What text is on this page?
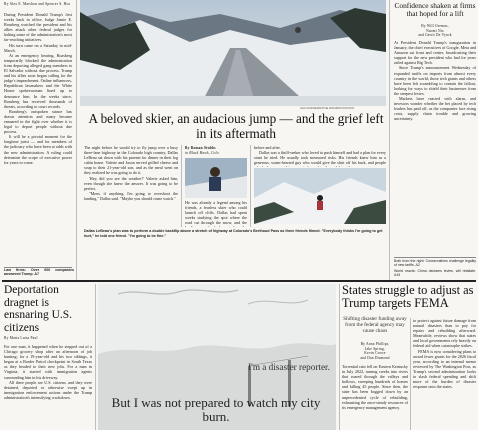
By Alex E. Marshon and Spencer S. Hsu

During President Donald Trump's first weeks back in office, Judge Jamie E. Boasberg watched the president and his allies attack other federal judges for halting some of the administration's most far-reaching initiatives.

His turn came on a Saturday in mid-March.

At an emergency hearing, Boasberg temporarily blocked the administration from deporting alleged gang members to El Salvador without due process. Trump and his allies soon began calling for the judge's impeachment. Online influencers, Republican lawmakers and the White House spokeswoman lined up to denounce him. In the weeks since, Boasberg has received thousands of threats, according to court records.

Boasberg's outspoken stance has drawn attention and many became ensnared in the fight over whether it is legal to deport people without due process.

It will be a pivotal moment for the longtime jurist — and for members of the judiciary who have been at odds with the new administration. A ruling could determine the scope of executive power for years to come.

Law firms: Over 600 companies answered Trump. A7
JAHI CHIKWENDU/THE WASHINGTON POST
A beloved skier, an audacious jump — and the grief left in its aftermath

The night before he would try to fly jump over a busy three-lane highway in the Colorado high country, Dallas LeBeau sat down with his parents for dinner in their log cabin home. Valerie and Jason served grilled cheese and soup to their 21-year-old son, and as the meal went on they realized he was going to do it.

'Hey, did you see the weather?' Valerie asked him, even though she knew the answer. It was going to be perfect.

"Mom, if anything, I'm going to overshoot the landing," Dallas said. "Maybe you should come watch."

By Roman Stubbs
in Black Hawk, Colo.

He was already a legend among his friends, a fearless skier who could launch off cliffs. Dallas had spent weeks studying the spot where the road cut through the snow, and the

before and after.

Dallas was a thrill-seeker who loved to push himself and had a plan for every stunt he tried. He usually took measured risks. His friends knew him as a generous, warm-hearted guy who would give the shirt off his back, and people

Dallas LeBeau's plan was to perform a double backflip above a stretch of highway at Colorado's Berthoud Pass as three friends filmed. "Everybody thinks I'm going to get hurt," he told one friend. "I'm going to be fine."
Confidence shaken at firms that hoped for a lift
By Will Oremus,
Naomi Nix
and Gerrit De Vynck

At President Donald Trump's inauguration in January, the chief executives of Google, Meta and Amazon sat front and center, broadcasting their support for the new president who had for years railed against Big Tech.

Since Trump's announcement Wednesday of expanded tariffs on imports from almost every country in the world, those tech giants and others have been left scrambling to contain the fallout, looking for ways to shield their businesses from the steepest levies.

Markets have reacted with alarm, and investors wonder whether the bet placed by tech leaders has paid off, as the companies face rising costs, supply chain trouble and growing uncertainty.

Both from the right: Conservatives challenge legality of new tariffs. A2
World reacts: China declares levies, will retaliate. A19
Deportation dragnet is ensnaring U.S. citizens
By Maria Luisa Paul

For one man, it happened when he stepped out of a Chicago grocery shop after an afternoon of job hunting; for a 19-year-old and his two siblings, it began at a Border Patrol checkpoint in South Texas as they headed to their new jobs. For a man in Virginia, it started with immigration agents surrounding him in his driveway.

All three people are U.S. citizens, and they were detained, deported or otherwise swept up in immigration enforcement actions under the Trump administration's intensifying crackdown.

I'm a disaster reporter.
But I was not prepared to watch my city burn.
States struggle to adjust as Trump targets FEMA
Shifting disaster funding away from the federal agency may cause chaos
By Anna Phillips,
Jake Spring,
Kevin Crowe
and Dan Diamond

Torrential rain fell on Eastern Kentucky in July 2022, turning creeks into rivers that roared through the valleys and hollows, sweeping hundreds of homes and killing 45 people. Since then, the state has been bogged down by an unprecedented cycle of rebuilding, exhausting the once-steady resources of its emergency management agency.

to protect against future damage from natural disasters than to pay for repairs and rebuilding afterward. Meanwhile, reviews show that states and local governments rely heavily on federal aid when catastrophe strikes.

FEMA is now considering plans to award fewer grants for the 2026 fiscal year, according to an internal memo reviewed by The Washington Post, as Trump's second administration looks to slash federal spending and shift more of the burden of disaster response onto the states.
